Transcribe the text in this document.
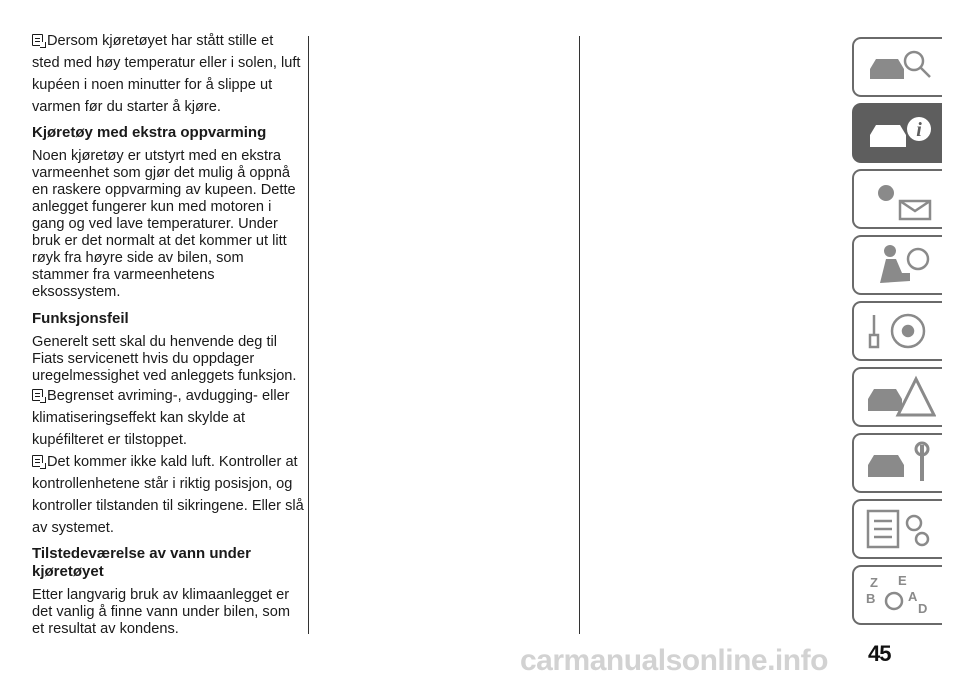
Dersom kjøretøyet har stått stille et sted med høy temperatur eller i solen, luft kupéen i noen minutter for å slippe ut varmen før du starter å kjøre.

Kjøretøy med ekstra oppvarming

Noen kjøretøy er utstyrt med en ekstra varmeenhet som gjør det mulig å oppnå en raskere oppvarming av kupeen. Dette anlegget fungerer kun med motoren i gang og ved lave temperaturer. Under bruk er det normalt at det kommer ut litt røyk fra høyre side av bilen, som stammer fra varmeenhetens eksossystem.

Funksjonsfeil

Generelt sett skal du henvende deg til Fiats servicenett hvis du oppdager uregelmessighet ved anleggets funksjon.

Begrenset avriming-, avdugging- eller klimatiseringseffekt kan skylde at kupéfilteret er tilstoppet.

Det kommer ikke kald luft. Kontroller at kontrollenhetene står i riktig posisjon, og kontroller tilstanden til sikringene. Eller slå av systemet.

Tilstedeværelse av vann under kjøretøyet

Etter langvarig bruk av klimaanlegget er det vanlig å finne vann under bilen, som et resultat av kondens.

i
Z E
B	A
D
45
carmanualsonline.info
